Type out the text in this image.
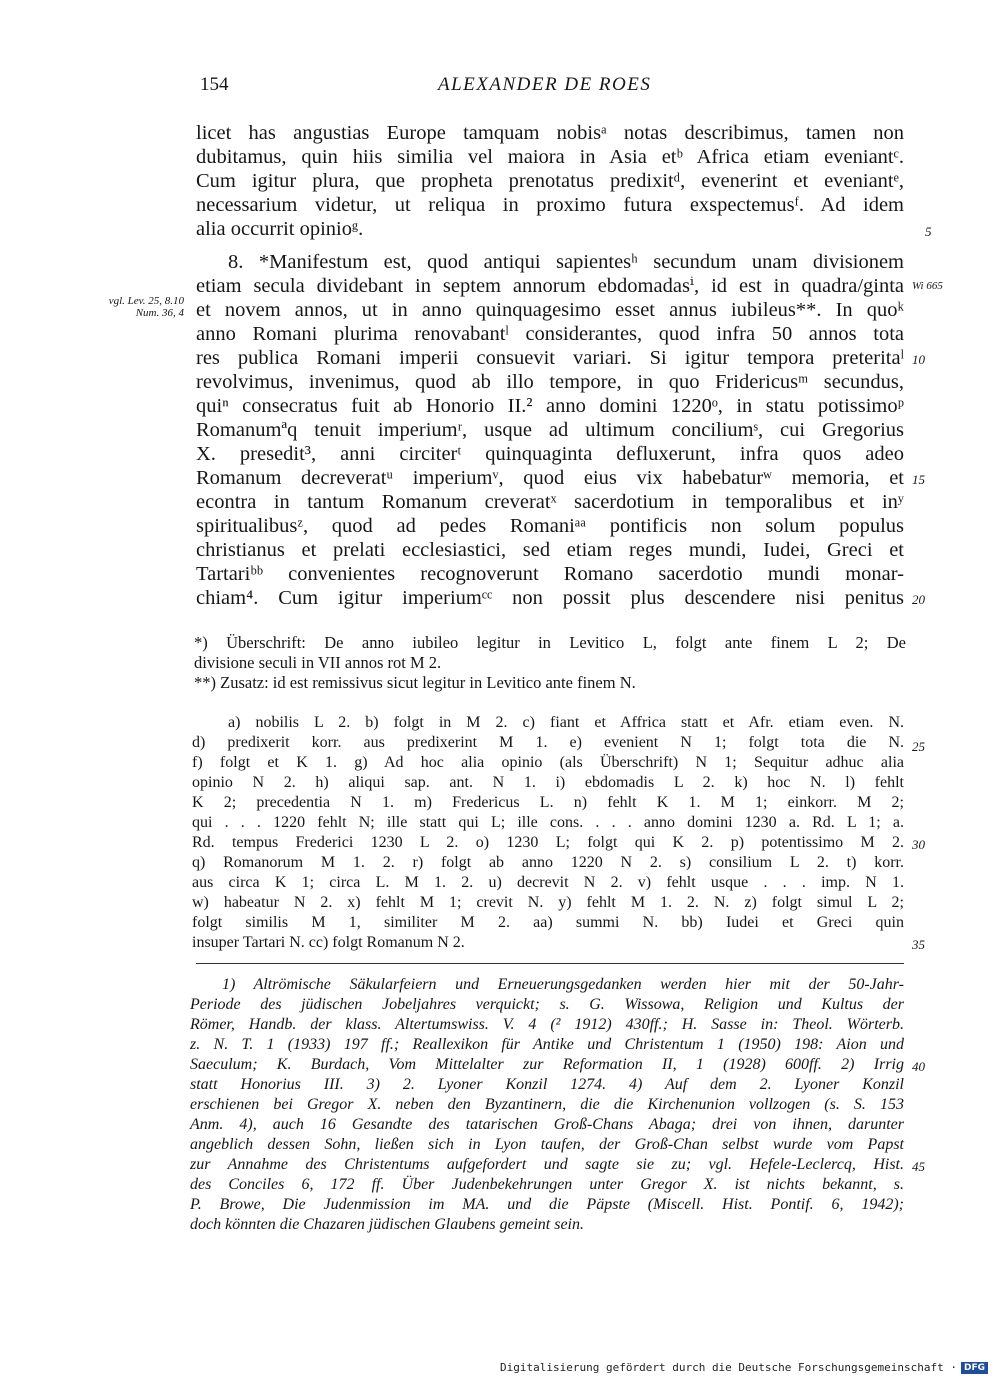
154	ALEXANDER DE ROES
vgl. Lev. 25, 8.10
Num. 36, 4
Wi 665
licet has angustias Europe tamquam nobisᵃ notas describimus, tamen non
dubitamus, quin hiis similia vel maiora in Asia etᵇ Africa etiam eveniantᶜ.
Cum igitur plura, que propheta prenotatus predixitᵈ, evenerint et eveniantᵉ,
necessarium videtur, ut reliqua in proximo futura exspectemusᶠ. Ad idem
alia occurrit opinioᵍ.
8. *Manifestum est, quod antiqui sapientesʰ secundum unam divisionem
etiam secula dividebant in septem annorum ebdomadasⁱ, id est in quadra/ginta
et novem annos, ut in anno quinquagesimo esset annus iubileus**. In quoᵏ
anno Romani plurima renovabantˡ considerantes, quod infra 50 annos tota
res publica Romani imperii consuevit variari. Si igitur tempora preteritaˡ
revolvimus, invenimus, quod ab illo tempore, in quo Fridericusᵐ secundus,
quiⁿ consecratus fuit ab Honorio II.² anno domini 1220ᵒ, in statu potissimoᵖ
Romanumªq tenuit imperiumʳ, usque ad ultimum conciliumˢ, cui Gregorius
X. presedit³, anni circiterᵗ quinquaginta defluxerunt, infra quos adeo
Romanum decreveratᵘ imperiumᵛ, quod eius vix habebaturʷ memoria, et
econtra in tantum Romanum creveratˣ sacerdotium in temporalibus et inʸ
spiritualibusᶻ, quod ad pedes Romaniᵃᵃ pontificis non solum populus
christianus et prelati ecclesiastici, sed etiam reges mundi, Iudei, Greci et
Tartariᵇᵇ convenientes recognoverunt Romano sacerdotio mundi monar-
chiam⁴. Cum igitur imperiumᶜᶜ non possit plus descendere nisi penitus
5
10
15
20
*) Überschrift: De anno iubileo legitur in Levitico L, folgt ante finem L 2; De
divisione seculi in VII annos rot M 2.
**) Zusatz: id est remissivus sicut legitur in Levitico ante finem N.
a) nobilis L 2. b) folgt in M 2. c) fiant et Affrica statt et Afr. etiam even. N.
d) predixerit korr. aus predixerint M 1. e) evenient N 1; folgt tota die N.
f) folgt et K 1. g) Ad hoc alia opinio (als Überschrift) N 1; Sequitur adhuc alia
opinio N 2. h) aliqui sap. ant. N 1. i) ebdomadis L 2. k) hoc N. l) fehlt
K 2; precedentia N 1. m) Fredericus L. n) fehlt K 1. M 1; einkorr. M 2;
qui . . . 1220 fehlt N; ille statt qui L; ille cons. . . . anno domini 1230 a. Rd. L 1; a.
Rd. tempus Frederici 1230 L 2. o) 1230 L; folgt qui K 2. p) potentissimo M 2.
q) Romanorum M 1. 2. r) folgt ab anno 1220 N 2. s) consilium L 2. t) korr.
aus circa K 1; circa L. M 1. 2. u) decrevit N 2. v) fehlt usque . . . imp. N 1.
w) habeatur N 2. x) fehlt M 1; crevit N. y) fehlt M 1. 2. N. z) folgt simul L 2;
folgt similis M 1, similiter M 2. aa) summi N. bb) Iudei et Greci quin
insuper Tartari N. cc) folgt Romanum N 2.
25
30
35
1) Altrömische Säkularfeiern und Erneuerungsgedanken werden hier mit der 50-Jahr-
Periode des jüdischen Jobeljahres verquickt; s. G. Wissowa, Religion und Kultus der
Römer, Handb. der klass. Altertumswiss. V. 4 (² 1912) 430ff.; H. Sasse in: Theol. Wörterb.
z. N. T. 1 (1933) 197 ff.; Reallexikon für Antike und Christentum 1 (1950) 198: Aion und
Saeculum; K. Burdach, Vom Mittelalter zur Reformation II, 1 (1928) 600ff. 2) Irrig
statt Honorius III. 3) 2. Lyoner Konzil 1274. 4) Auf dem 2. Lyoner Konzil
erschienen bei Gregor X. neben den Byzantinern, die die Kirchenunion vollzogen (s. S. 153
Anm. 4), auch 16 Gesandte des tatarischen Groß-Chans Abaga; drei von ihnen, darunter
angeblich dessen Sohn, ließen sich in Lyon taufen, der Groß-Chan selbst wurde vom Papst
zur Annahme des Christentums aufgefordert und sagte sie zu; vgl. Hefele-Leclercq, Hist.
des Conciles 6, 172 ff. Über Judenbekehrungen unter Gregor X. ist nichts bekannt, s.
P. Browe, Die Judenmission im MA. und die Päpste (Miscell. Hist. Pontif. 6, 1942);
doch könnten die Chazaren jüdischen Glaubens gemeint sein.
40
45
Digitalisierung gefördert durch die Deutsche Forschungsgemeinschaft · DFG
